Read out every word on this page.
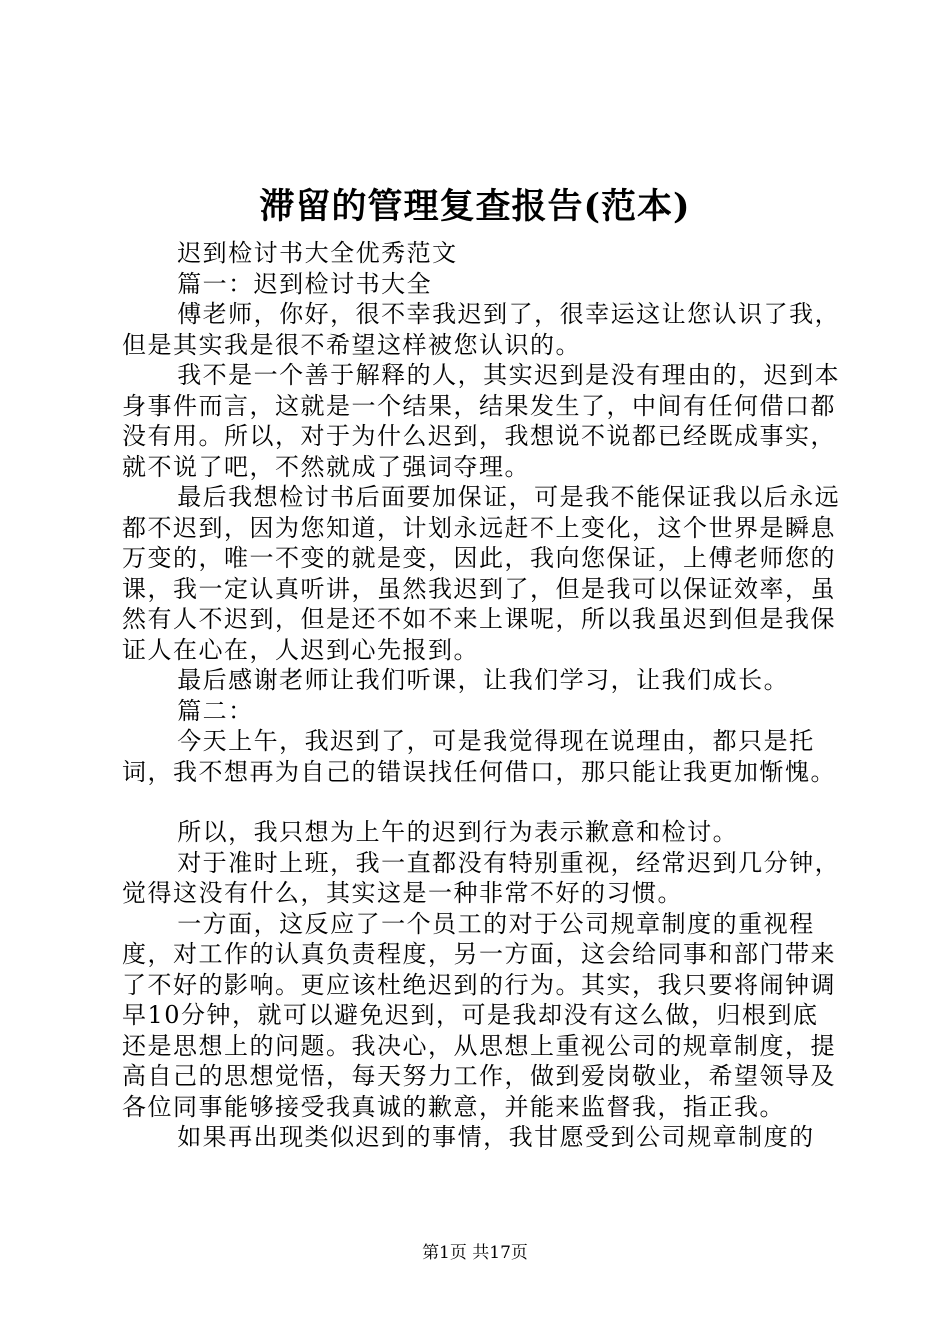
滞留的管理复查报告(范本)

迟到检讨书大全优秀范文

篇一：迟到检讨书大全

傅老师，你好，很不幸我迟到了，很幸运这让您认识了我，但是其实我是很不希望这样被您认识的。

我不是一个善于解释的人，其实迟到是没有理由的，迟到本身事件而言，这就是一个结果，结果发生了，中间有任何借口都没有用。所以，对于为什么迟到，我想说不说都已经既成事实，就不说了吧，不然就成了强词夺理。

最后我想检讨书后面要加保证，可是我不能保证我以后永远都不迟到，因为您知道，计划永远赶不上变化，这个世界是瞬息万变的，唯一不变的就是变，因此，我向您保证，上傅老师您的课，我一定认真听讲，虽然我迟到了，但是我可以保证效率，虽然有人不迟到，但是还不如不来上课呢，所以我虽迟到但是我保证人在心在，人迟到心先报到。

最后感谢老师让我们听课，让我们学习，让我们成长。

篇二：

今天上午，我迟到了，可是我觉得现在说理由，都只是托词，我不想再为自己的错误找任何借口，那只能让我更加惭愧。

所以，我只想为上午的迟到行为表示歉意和检讨。

对于准时上班，我一直都没有特别重视，经常迟到几分钟，觉得这没有什么，其实这是一种非常不好的习惯。

一方面，这反应了一个员工的对于公司规章制度的重视程度，对工作的认真负责程度，另一方面，这会给同事和部门带来了不好的影响。更应该杜绝迟到的行为。其实，我只要将闹钟调早10分钟，就可以避免迟到，可是我却没有这么做，归根到底还是思想上的问题。我决心，从思想上重视公司的规章制度，提高自己的思想觉悟，每天努力工作，做到爱岗敬业，希望领导及各位同事能够接受我真诚的歉意，并能来监督我，指正我。

如果再出现类似迟到的事情，我甘愿受到公司规章制度的

第1页 共17页
